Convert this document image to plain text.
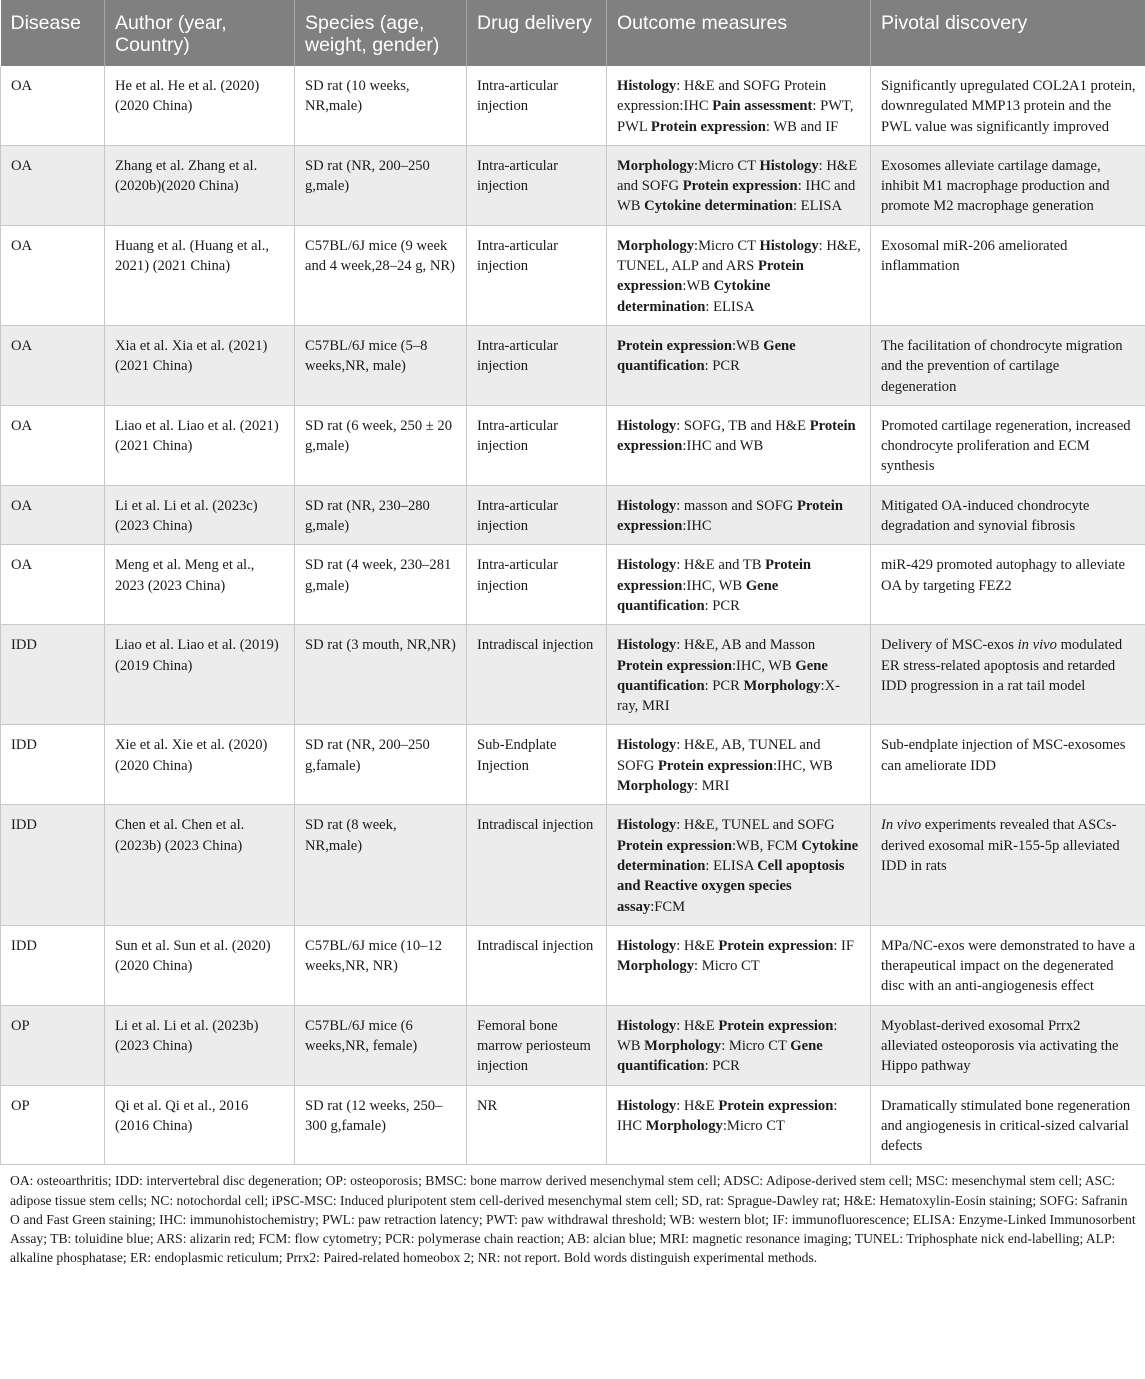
Disease	Author (year, Country)	Species (age, weight, gender)	Drug delivery	Outcome measures	Pivotal discovery
OA	He et al. He et al. (2020) (2020 China)	SD rat (10 weeks, NR,male)	Intra-articular injection	Histology: H&E and SOFG Protein expression:IHC Pain assessment: PWT, PWL Protein expression: WB and IF	Significantly upregulated COL2A1 protein, downregulated MMP13 protein and the PWL value was significantly improved
OA	Zhang et al. Zhang et al. (2020b)(2020 China)	SD rat (NR, 200–250 g,male)	Intra-articular injection	Morphology:Micro CT Histology: H&E and SOFG Protein expression: IHC and WB Cytokine determination: ELISA	Exosomes alleviate cartilage damage, inhibit M1 macrophage production and promote M2 macrophage generation
OA	Huang et al. (Huang et al., 2021) (2021 China)	C57BL/6J mice (9 week and 4 week,28–24 g, NR)	Intra-articular injection	Morphology:Micro CT Histology: H&E, TUNEL, ALP and ARS Protein expression:WB Cytokine determination: ELISA	Exosomal miR-206 ameliorated inflammation
OA	Xia et al. Xia et al. (2021)(2021 China)	C57BL/6J mice (5–8 weeks,NR, male)	Intra-articular injection	Protein expression:WB Gene quantification: PCR	The facilitation of chondrocyte migration and the prevention of cartilage degeneration
OA	Liao et al. Liao et al. (2021) (2021 China)	SD rat (6 week, 250 ± 20 g,male)	Intra-articular injection	Histology: SOFG, TB and H&E Protein expression:IHC and WB	Promoted cartilage regeneration, increased chondrocyte proliferation and ECM synthesis
OA	Li et al. Li et al. (2023c)(2023 China)	SD rat (NR, 230–280 g,male)	Intra-articular injection	Histology: masson and SOFG Protein expression:IHC	Mitigated OA-induced chondrocyte degradation and synovial fibrosis
OA	Meng et al. Meng et al., 2023 (2023 China)	SD rat (4 week, 230–281 g,male)	Intra-articular injection	Histology: H&E and TB Protein expression:IHC, WB Gene quantification: PCR	miR-429 promoted autophagy to alleviate OA by targeting FEZ2
IDD	Liao et al. Liao et al. (2019) (2019 China)	SD rat (3 mouth, NR,NR)	Intradiscal injection	Histology: H&E, AB and Masson Protein expression:IHC, WB Gene quantification: PCR Morphology:X-ray, MRI	Delivery of MSC-exos in vivo modulated ER stress-related apoptosis and retarded IDD progression in a rat tail model
IDD	Xie et al. Xie et al. (2020) (2020 China)	SD rat (NR, 200–250 g,famale)	Sub-Endplate Injection	Histology: H&E, AB, TUNEL and SOFG Protein expression:IHC, WB Morphology: MRI	Sub-endplate injection of MSC-exosomes can ameliorate IDD
IDD	Chen et al. Chen et al. (2023b) (2023 China)	SD rat (8 week, NR,male)	Intradiscal injection	Histology: H&E, TUNEL and SOFG Protein expression:WB, FCM Cytokine determination: ELISA Cell apoptosis and Reactive oxygen species assay:FCM	In vivo experiments revealed that ASCs-derived exosomal miR-155-5p alleviated IDD in rats
IDD	Sun et al. Sun et al. (2020) (2020 China)	C57BL/6J mice (10–12 weeks,NR, NR)	Intradiscal injection	Histology: H&E Protein expression: IF Morphology: Micro CT	MPa/NC-exos were demonstrated to have a therapeutical impact on the degenerated disc with an anti-angiogenesis effect
OP	Li et al. Li et al. (2023b)(2023 China)	C57BL/6J mice (6 weeks,NR, female)	Femoral bone marrow periosteum injection	Histology: H&E Protein expression: WB Morphology: Micro CT Gene quantification: PCR	Myoblast-derived exosomal Prrx2 alleviated osteoporosis via activating the Hippo pathway
OP	Qi et al. Qi et al., 2016 (2016 China)	SD rat (12 weeks, 250–300 g,famale)	NR	Histology: H&E Protein expression: IHC Morphology:Micro CT	Dramatically stimulated bone regeneration and angiogenesis in critical-sized calvarial defects
OA: osteoarthritis; IDD: intervertebral disc degeneration; OP: osteoporosis; BMSC: bone marrow derived mesenchymal stem cell; ADSC: Adipose-derived stem cell; MSC: mesenchymal stem cell; ASC: adipose tissue stem cells; NC: notochordal cell; iPSC-MSC: Induced pluripotent stem cell-derived mesenchymal stem cell; SD, rat: Sprague-Dawley rat; H&E: Hematoxylin-Eosin staining; SOFG: Safranin O and Fast Green staining; IHC: immunohistochemistry; PWL: paw retraction latency; PWT: paw withdrawal threshold; WB: western blot; IF: immunofluorescence; ELISA: Enzyme-Linked Immunosorbent Assay; TB: toluidine blue; ARS: alizarin red; FCM: flow cytometry; PCR: polymerase chain reaction; AB: alcian blue; MRI: magnetic resonance imaging; TUNEL: Triphosphate nick end-labelling; ALP: alkaline phosphatase; ER: endoplasmic reticulum; Prrx2: Paired-related homeobox 2; NR: not report. Bold words distinguish experimental methods.
